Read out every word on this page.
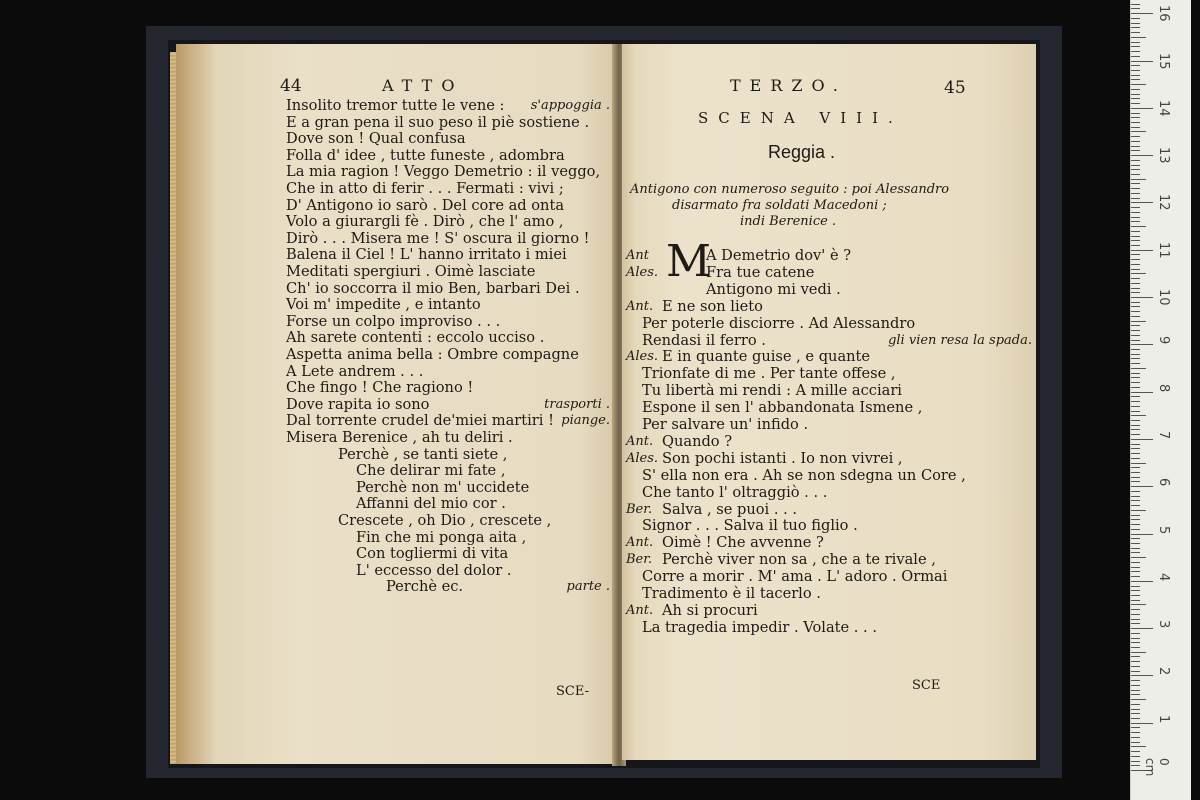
44	ATTO
Insolito tremor tutte le vene : s'appoggia .
E a gran pena il suo peso il piè sostiene .
Dove son ! Qual confusa
Folla d' idee , tutte funeste , adombra
La mia ragion ! Veggo Demetrio : il veggo,
Che in atto di ferir . . . Fermati : vivi ;
D' Antigono io sarò . Del core ad onta
Volo a giurargli fè . Dirò , che l' amo ,
Dirò . . . Misera me ! S' oscura il giorno !
Balena il Ciel ! L' hanno irritato i miei
Meditati spergiuri . Oimè lasciate
Ch' io soccorra il mio Ben, barbari Dei .
Voi m' impedite , e intanto
Forse un colpo improviso . . .
Ah sarete contenti : eccolo ucciso .
Aspetta anima bella : Ombre compagne
A Lete andrem . . .
Che fingo ! Che ragiono !
Dove rapita io sono	trasporti .
Dal torrente crudel de'miei martiri ! piange.
Misera Berenice , ah tu deliri .
Perchè , se tanti siete ,
Che delirar mi fate ,
Perchè non m' uccidete
Affanni del mio cor .
Crescete , oh Dio , crescete ,
Fin che mi ponga aita ,
Con togliermi di vita
L' eccesso del dolor .
Perchè ec.	parte .
SCE-
TERZO.	45
SCENA VIII.
Reggia .
Antigono con numeroso seguito : poi Alessandro
disarmato fra soldati Macedoni ;
indi Berenice .
M
Ant	A Demetrio dov' è ?
Ales.	Fra tue catene
Antigono mi vedi .
Ant. E ne son lieto
Per poterle disciorre . Ad Alessandro
Rendasi il ferro .	gli vien resa la spada.
Ales. E in quante guise , e quante
Trionfate di me . Per tante offese ,
Tu libertà mi rendi : A mille acciari
Espone il sen l' abbandonata Ismene ,
Per salvare un' infido .
Ant. Quando ?
Ales. Son pochi istanti . Io non vivrei ,
S' ella non era . Ah se non sdegna un Core ,
Che tanto l' oltraggiò . . .
Ber. Salva , se puoi . . .
Signor . . . Salva il tuo figlio .
Ant. Oimè ! Che avvenne ?
Ber. Perchè viver non sa , che a te rivale ,
Corre a morir . M' ama . L' adoro . Ormai
Tradimento è il tacerlo .
Ant. Ah si procuri
La tragedia impedir . Volate . . .
SCE
1
2
3
4
5
6
7
8
9
10
11
12
13
14
15
16
0 cm
